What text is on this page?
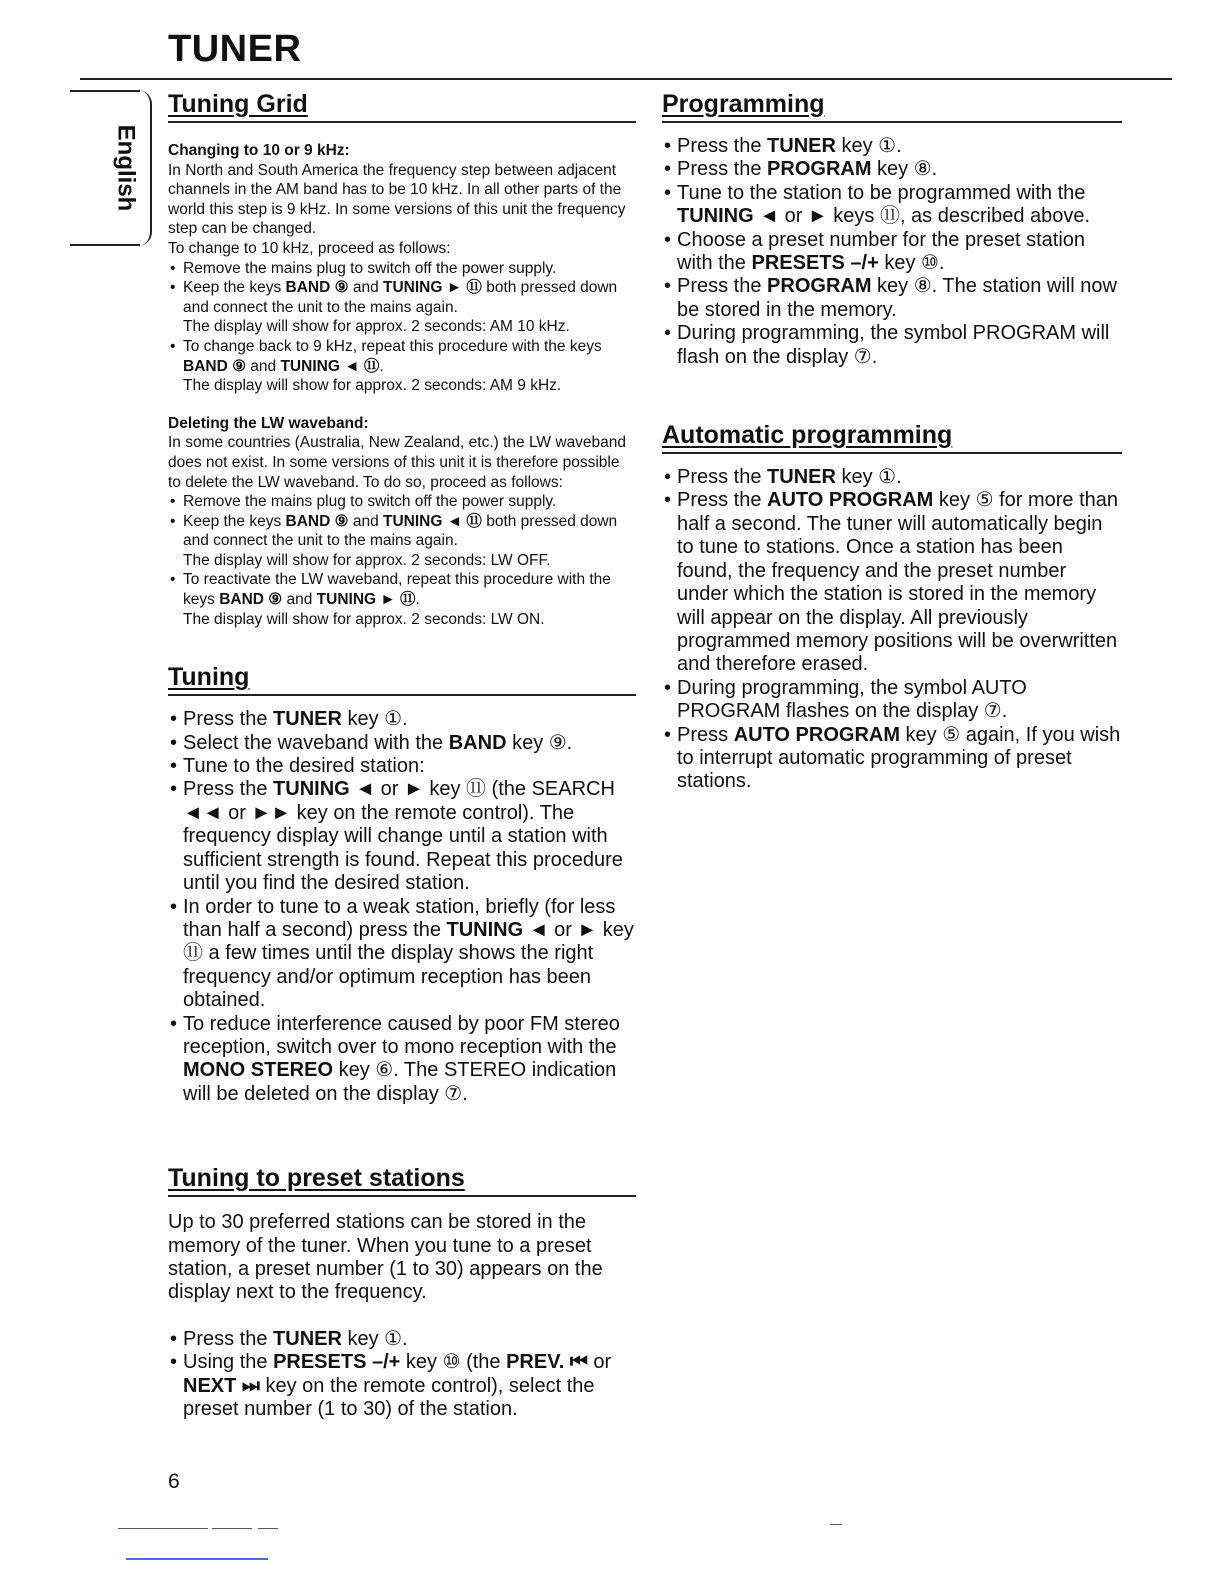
TUNER
English
Tuning Grid

Changing to 10 or 9 kHz:

In North and South America the frequency step between adjacent channels in the AM band has to be 10 kHz. In all other parts of the world this step is 9 kHz. In some versions of this unit the frequency step can be changed.

To change to 10 kHz, proceed as follows:

• Remove the mains plug to switch off the power supply.
• Keep the keys BAND ⑨ and TUNING ► ⑪ both pressed down and connect the unit to the mains again.
The display will show for approx. 2 seconds: AM 10 kHz.
• To change back to 9 kHz, repeat this procedure with the keys BAND ⑨ and TUNING ◄ ⑪.
The display will show for approx. 2 seconds: AM 9 kHz.

Deleting the LW waveband:

In some countries (Australia, New Zealand, etc.) the LW waveband does not exist. In some versions of this unit it is therefore possible to delete the LW waveband. To do so, proceed as follows:

• Remove the mains plug to switch off the power supply.
• Keep the keys BAND ⑨ and TUNING ◄ ⑪ both pressed down and connect the unit to the mains again.
The display will show for approx. 2 seconds: LW OFF.
• To reactivate the LW waveband, repeat this procedure with the keys BAND ⑨ and TUNING ► ⑪.
The display will show for approx. 2 seconds: LW ON.
Tuning
• Press the TUNER key ①.
• Select the waveband with the BAND key ⑨.
• Tune to the desired station:
• Press the TUNING ◄ or ► key ⑪ (the SEARCH ◄◄ or ►► key on the remote control). The frequency display will change until a station with sufficient strength is found. Repeat this procedure until you find the desired station.
• In order to tune to a weak station, briefly (for less than half a second) press the TUNING ◄ or ► key ⑪ a few times until the display shows the right frequency and/or optimum reception has been obtained.
• To reduce interference caused by poor FM stereo reception, switch over to mono reception with the MONO STEREO key ⑥. The STEREO indication will be deleted on the display ⑦.
Tuning to preset stations

Up to 30 preferred stations can be stored in the memory of the tuner. When you tune to a preset station, a preset number (1 to 30) appears on the display next to the frequency.

• Press the TUNER key ①.
• Using the PRESETS –/+ key ⑩ (the PREV. ⏮ or NEXT ⏭ key on the remote control), select the preset number (1 to 30) of the station.
Programming
• Press the TUNER key ①.
• Press the PROGRAM key ⑧.
• Tune to the station to be programmed with the TUNING ◄ or ► keys ⑪, as described above.
• Choose a preset number for the preset station with the PRESETS –/+ key ⑩.
• Press the PROGRAM key ⑧. The station will now be stored in the memory.
• During programming, the symbol PROGRAM will flash on the display ⑦.
Automatic programming
• Press the TUNER key ①.
• Press the AUTO PROGRAM key ⑤ for more than half a second. The tuner will automatically begin to tune to stations. Once a station has been found, the frequency and the preset number under which the station is stored in the memory will appear on the display. All previously programmed memory positions will be overwritten and therefore erased.
• During programming, the symbol AUTO PROGRAM flashes on the display ⑦.
• Press AUTO PROGRAM key ⑤ again, If you wish to interrupt automatic programming of preset stations.
6
